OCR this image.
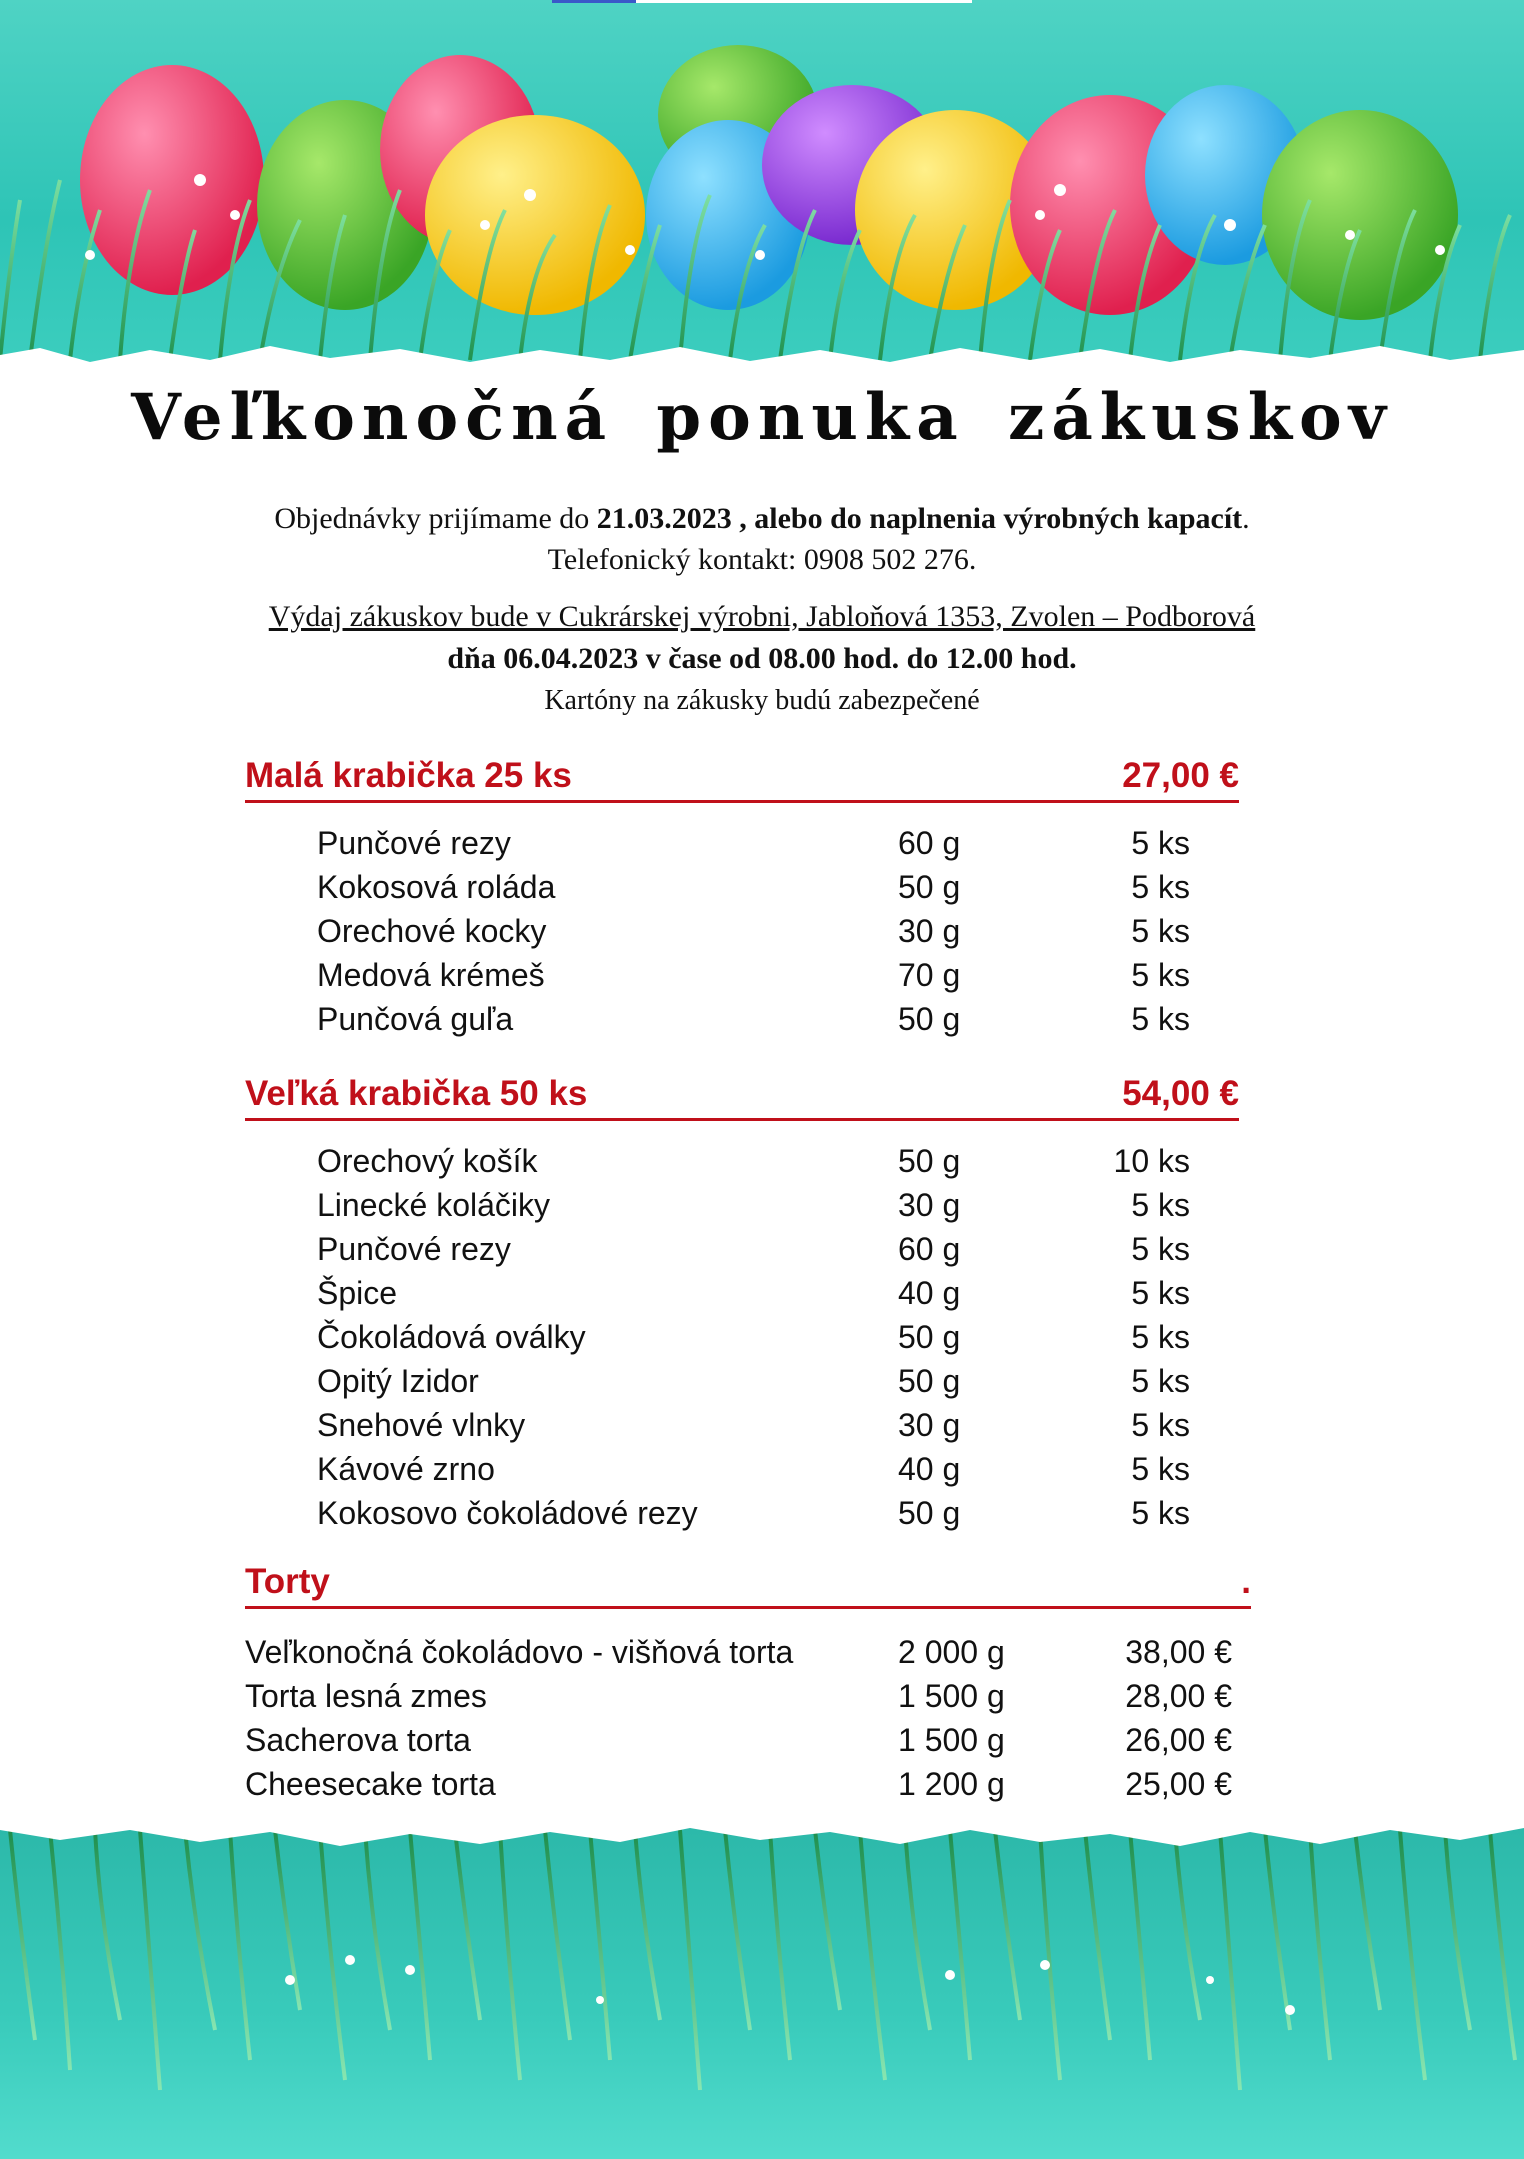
Veľkonočná ponuka zákuskov
Objednávky prijímame do 21.03.2023 , alebo do naplnenia výrobných kapacít.
Telefonický kontakt: 0908 502 276.
Výdaj zákuskov bude v Cukrárskej výrobni, Jabloňová 1353, Zvolen – Podborová
dňa 06.04.2023 v čase od 08.00 hod. do 12.00 hod.
Kartóny na zákusky budú zabezpečené
Malá krabička 25 ks	27,00 €
Punčové rezy	60 g	5 ks
Kokosová roláda	50 g	5 ks
Orechové kocky	30 g	5 ks
Medová krémeš	70 g	5 ks
Punčová guľa	50 g	5 ks
Veľká krabička 50 ks	54,00 €
Orechový košík	50 g	10 ks
Linecké koláčiky	30 g	5 ks
Punčové rezy	60 g	5 ks
Špice	40 g	5 ks
Čokoládová oválky	50 g	5 ks
Opitý Izidor	50 g	5 ks
Snehové vlnky	30 g	5 ks
Kávové zrno	40 g	5 ks
Kokosovo čokoládové rezy	50 g	5 ks
Torty	.
Veľkonočná čokoládovo - višňová torta	2 000 g	38,00 €
Torta lesná zmes	1 500 g	28,00 €
Sacherova torta	1 500 g	26,00 €
Cheesecake torta	1 200 g	25,00 €
